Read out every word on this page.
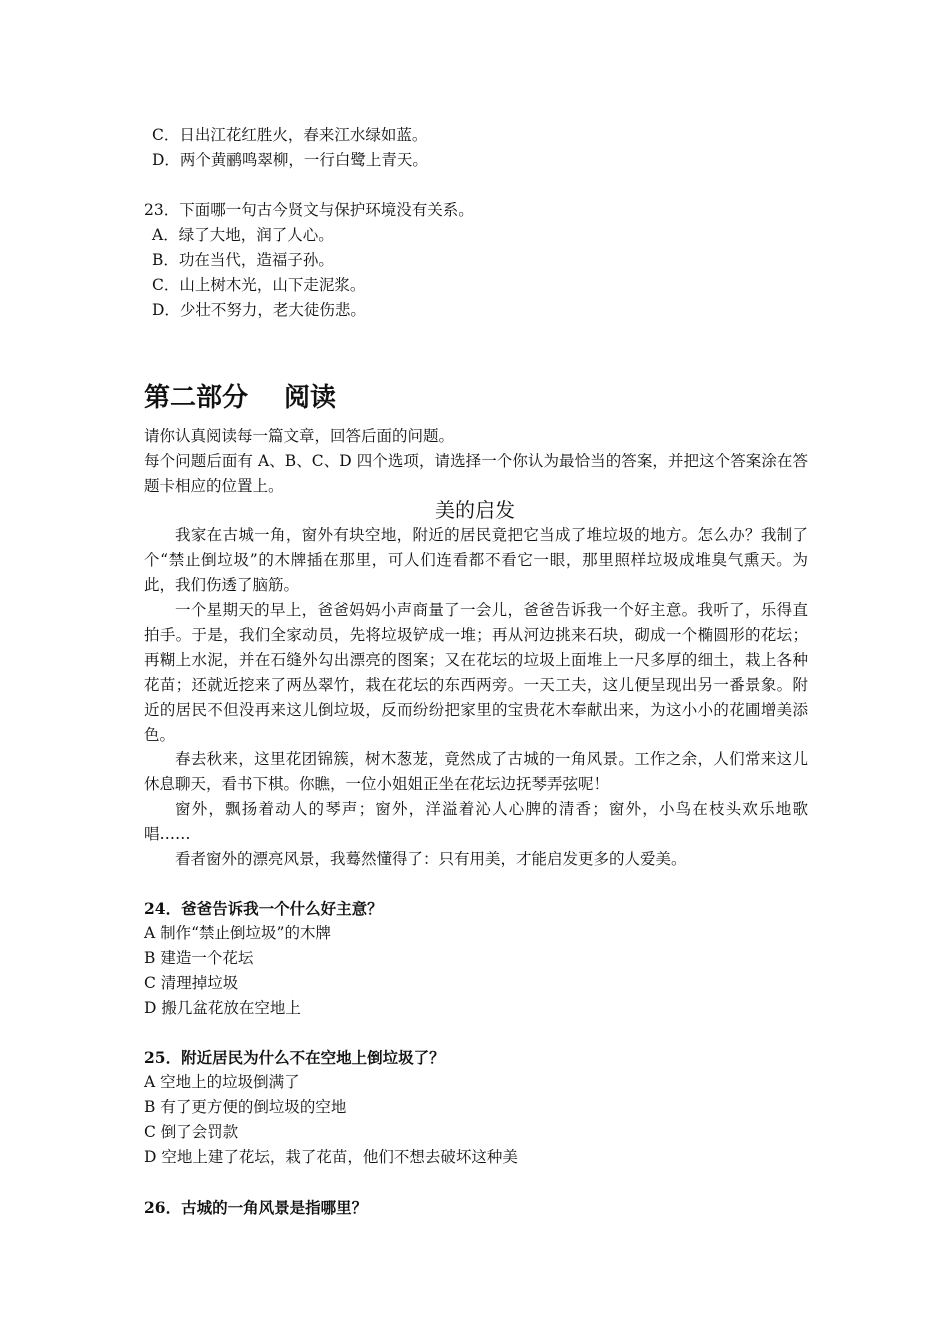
C．日出江花红胜火，春来江水绿如蓝。
D．两个黄鹂鸣翠柳，一行白鹭上青天。
23．下面哪一句古今贤文与保护环境没有关系。
A．绿了大地，润了人心。
B．功在当代，造福子孙。
C．山上树木光，山下走泥浆。
D．少壮不努力，老大徒伤悲。
第二部分 阅读
请你认真阅读每一篇文章，回答后面的问题。
每个问题后面有 A、B、C、D 四个选项，请选择一个你认为最恰当的答案，并把这个答案涂在答题卡相应的位置上。
美的启发
我家在古城一角，窗外有块空地，附近的居民竟把它当成了堆垃圾的地方。怎么办？我制了个“禁止倒垃圾”的木牌插在那里，可人们连看都不看它一眼，那里照样垃圾成堆臭气熏天。为此，我们伤透了脑筋。
一个星期天的早上，爸爸妈妈小声商量了一会儿，爸爸告诉我一个好主意。我听了，乐得直拍手。于是，我们全家动员，先将垃圾铲成一堆；再从河边挑来石块，砌成一个椭圆形的花坛；再糊上水泥，并在石缝外勾出漂亮的图案；又在花坛的垃圾上面堆上一尺多厚的细土，栽上各种花苗；还就近挖来了两丛翠竹，栽在花坛的东西两旁。一天工夫，这儿便呈现出另一番景象。附近的居民不但没再来这儿倒垃圾，反而纷纷把家里的宝贵花木奉献出来，为这小小的花圃增美添色。
春去秋来，这里花团锦簇，树木葱茏，竟然成了古城的一角风景。工作之余，人们常来这儿休息聊天，看书下棋。你瞧，一位小姐姐正坐在花坛边抚琴弄弦呢！
窗外，飘扬着动人的琴声；窗外，洋溢着沁人心脾的清香；窗外，小鸟在枝头欢乐地歌唱……
看者窗外的漂亮风景，我蓦然懂得了：只有用美，才能启发更多的人爱美。
24．爸爸告诉我一个什么好主意？
A 制作“禁止倒垃圾”的木牌
B 建造一个花坛
C 清理掉垃圾
D 搬几盆花放在空地上
25．附近居民为什么不在空地上倒垃圾了？
A 空地上的垃圾倒满了
B 有了更方便的倒垃圾的空地
C 倒了会罚款
D 空地上建了花坛，栽了花苗，他们不想去破坏这种美
26．古城的一角风景是指哪里？
